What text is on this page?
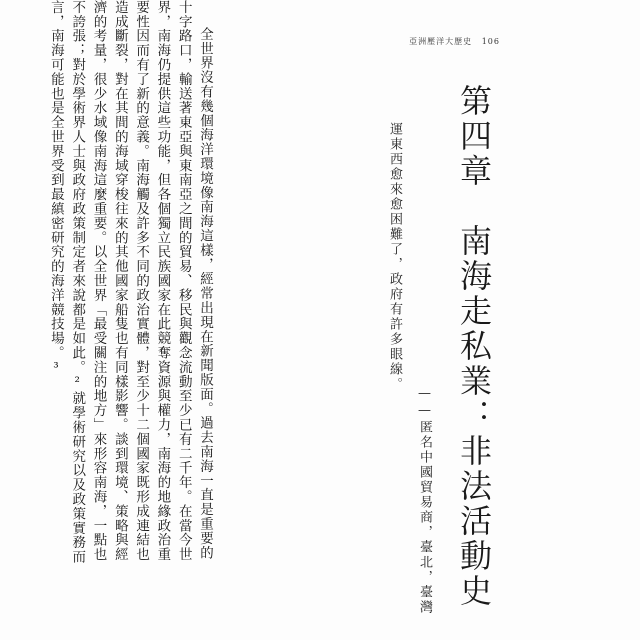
亞洲壓洋大歷史 106
第四章　南海走私業：非法活動史
運東西愈來愈困難了，政府有許多眼線。
——匿名中國貿易商，臺北，臺灣
全世界沒有幾個海洋環境像南海這樣，經常出現在新聞版面。過去南海一直是重要的
十字路口，輸送著東亞與東南亞之間的貿易、移民與觀念流動至少已有二千年。在當今世
界，南海仍提供這些功能，但各個獨立民族國家在此競奪資源與權力，南海的地緣政治重
要性因而有了新的意義。南海觸及許多不同的政治實體，對至少十二個國家既形成連結也
造成斷裂，對在其間的海域穿梭往來的其他國家船隻也有同樣影響。談到環境、策略與經
濟的考量，很少水域像南海這麼重要。以全世界「最受關注的地方」來形容南海，一點也
不誇張；對於學術界人士與政府政策制定者來說都是如此。²就學術研究以及政策實務而
言，南海可能也是全世界受到最縝密研究的海洋競技場。³
